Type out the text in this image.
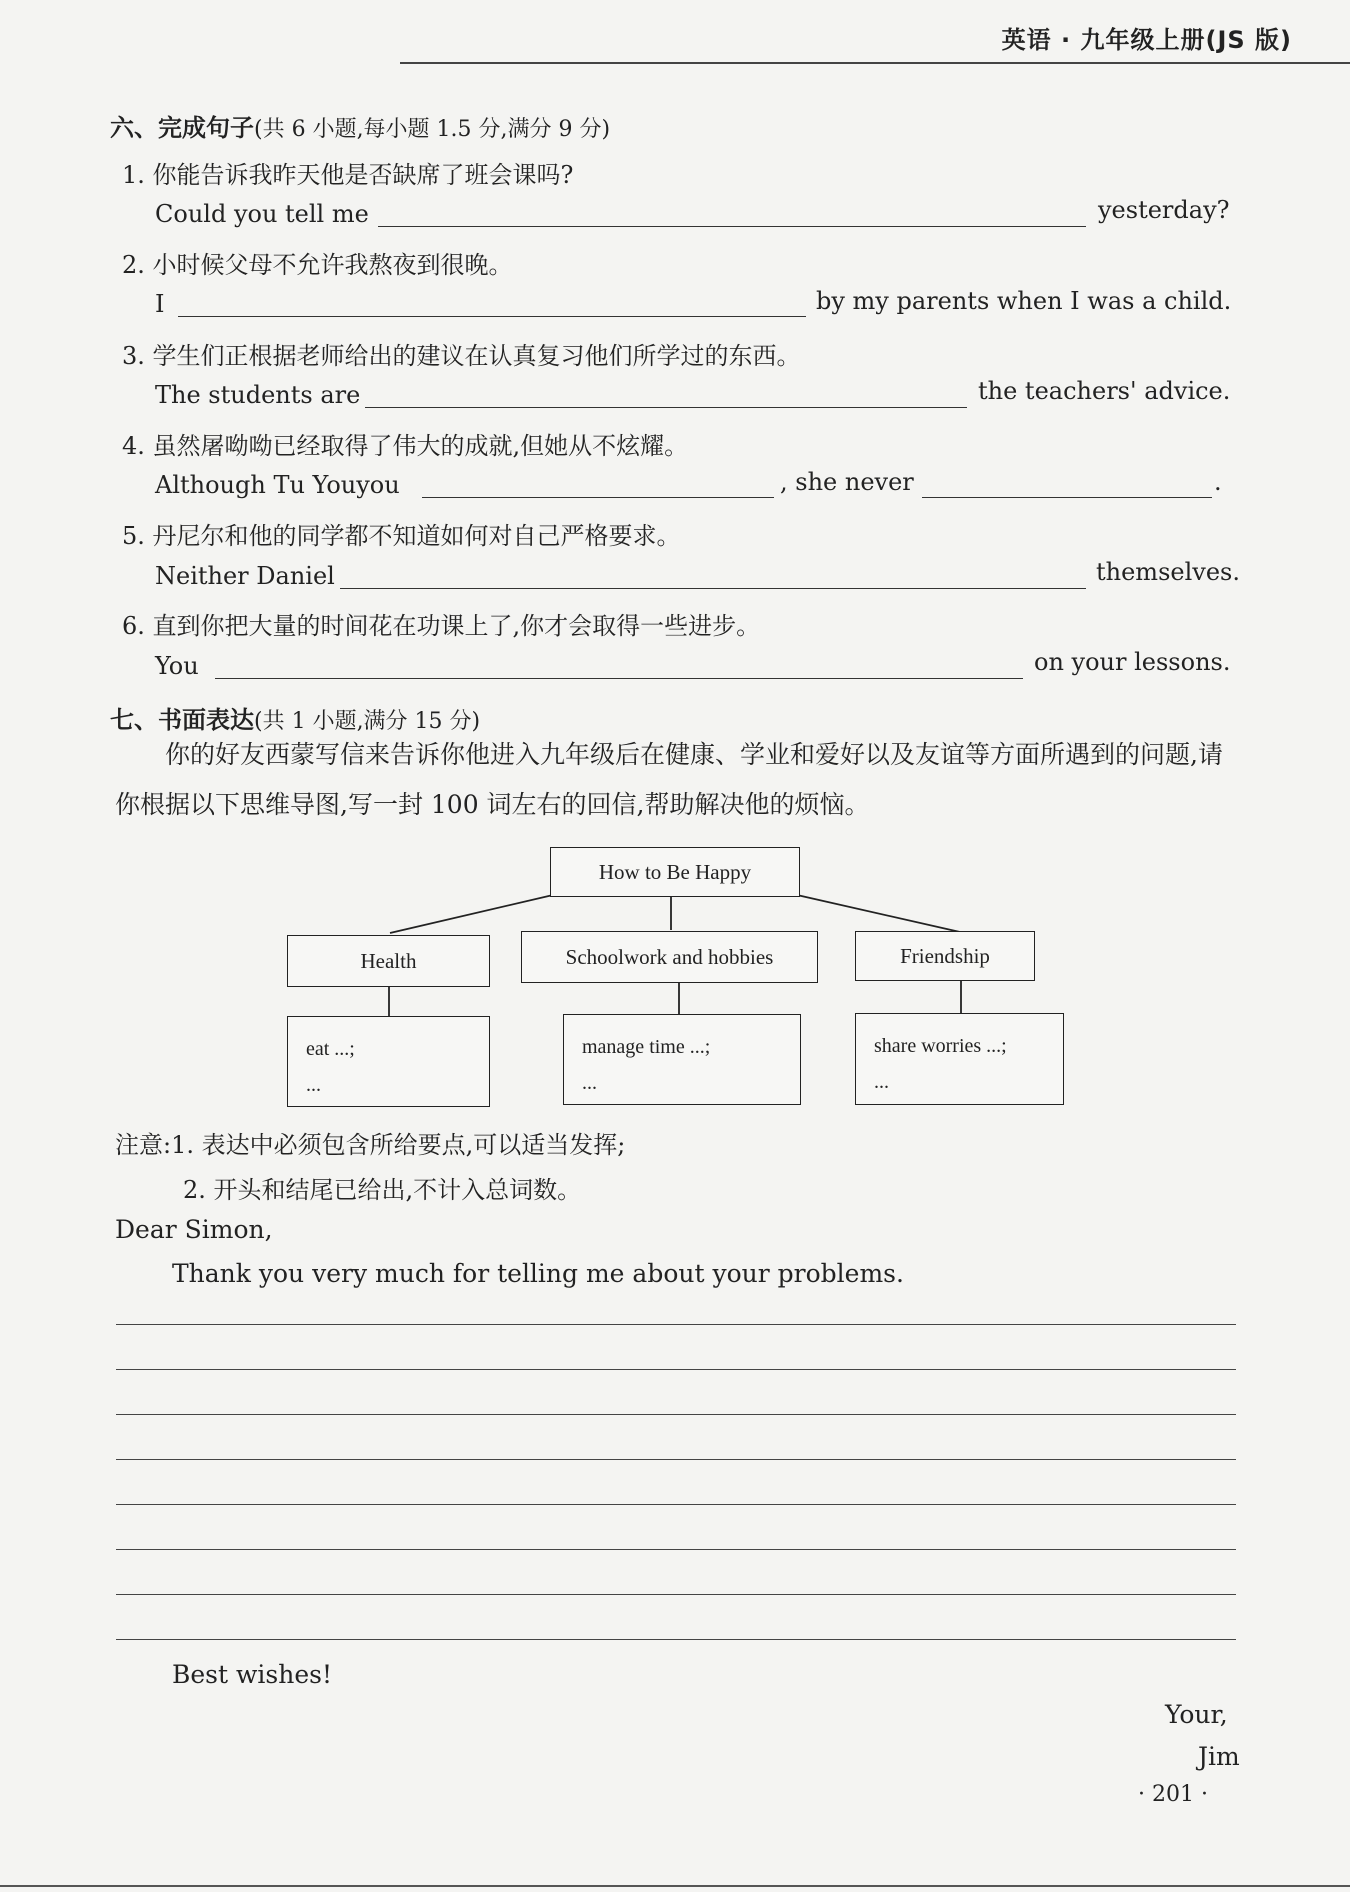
英语 · 九年级上册(JS 版)
六、完成句子(共 6 小题,每小题 1.5 分,满分 9 分)
1. 你能告诉我昨天他是否缺席了班会课吗?
Could you tell me	yesterday?
2. 小时候父母不允许我熬夜到很晚。
I	by my parents when I was a child.
3. 学生们正根据老师给出的建议在认真复习他们所学过的东西。
The students are	the teachers' advice.
4. 虽然屠呦呦已经取得了伟大的成就,但她从不炫耀。
Although Tu Youyou	, she never	.
5. 丹尼尔和他的同学都不知道如何对自己严格要求。
Neither Daniel	themselves.
6. 直到你把大量的时间花在功课上了,你才会取得一些进步。
You	on your lessons.
七、书面表达(共 1 小题,满分 15 分)
你的好友西蒙写信来告诉你他进入九年级后在健康、学业和爱好以及友谊等方面所遇到的问题,请你根据以下思维导图,写一封 100 词左右的回信,帮助解决他的烦恼。
How to Be Happy
Health	Schoolwork and hobbies	Friendship
eat ...;
...
manage time ...;
...
share worries ...;
...
注意:1. 表达中必须包含所给要点,可以适当发挥;
2. 开头和结尾已给出,不计入总词数。
Dear Simon,
Thank you very much for telling me about your problems.
Best wishes!
Your,
Jim
· 201 ·
